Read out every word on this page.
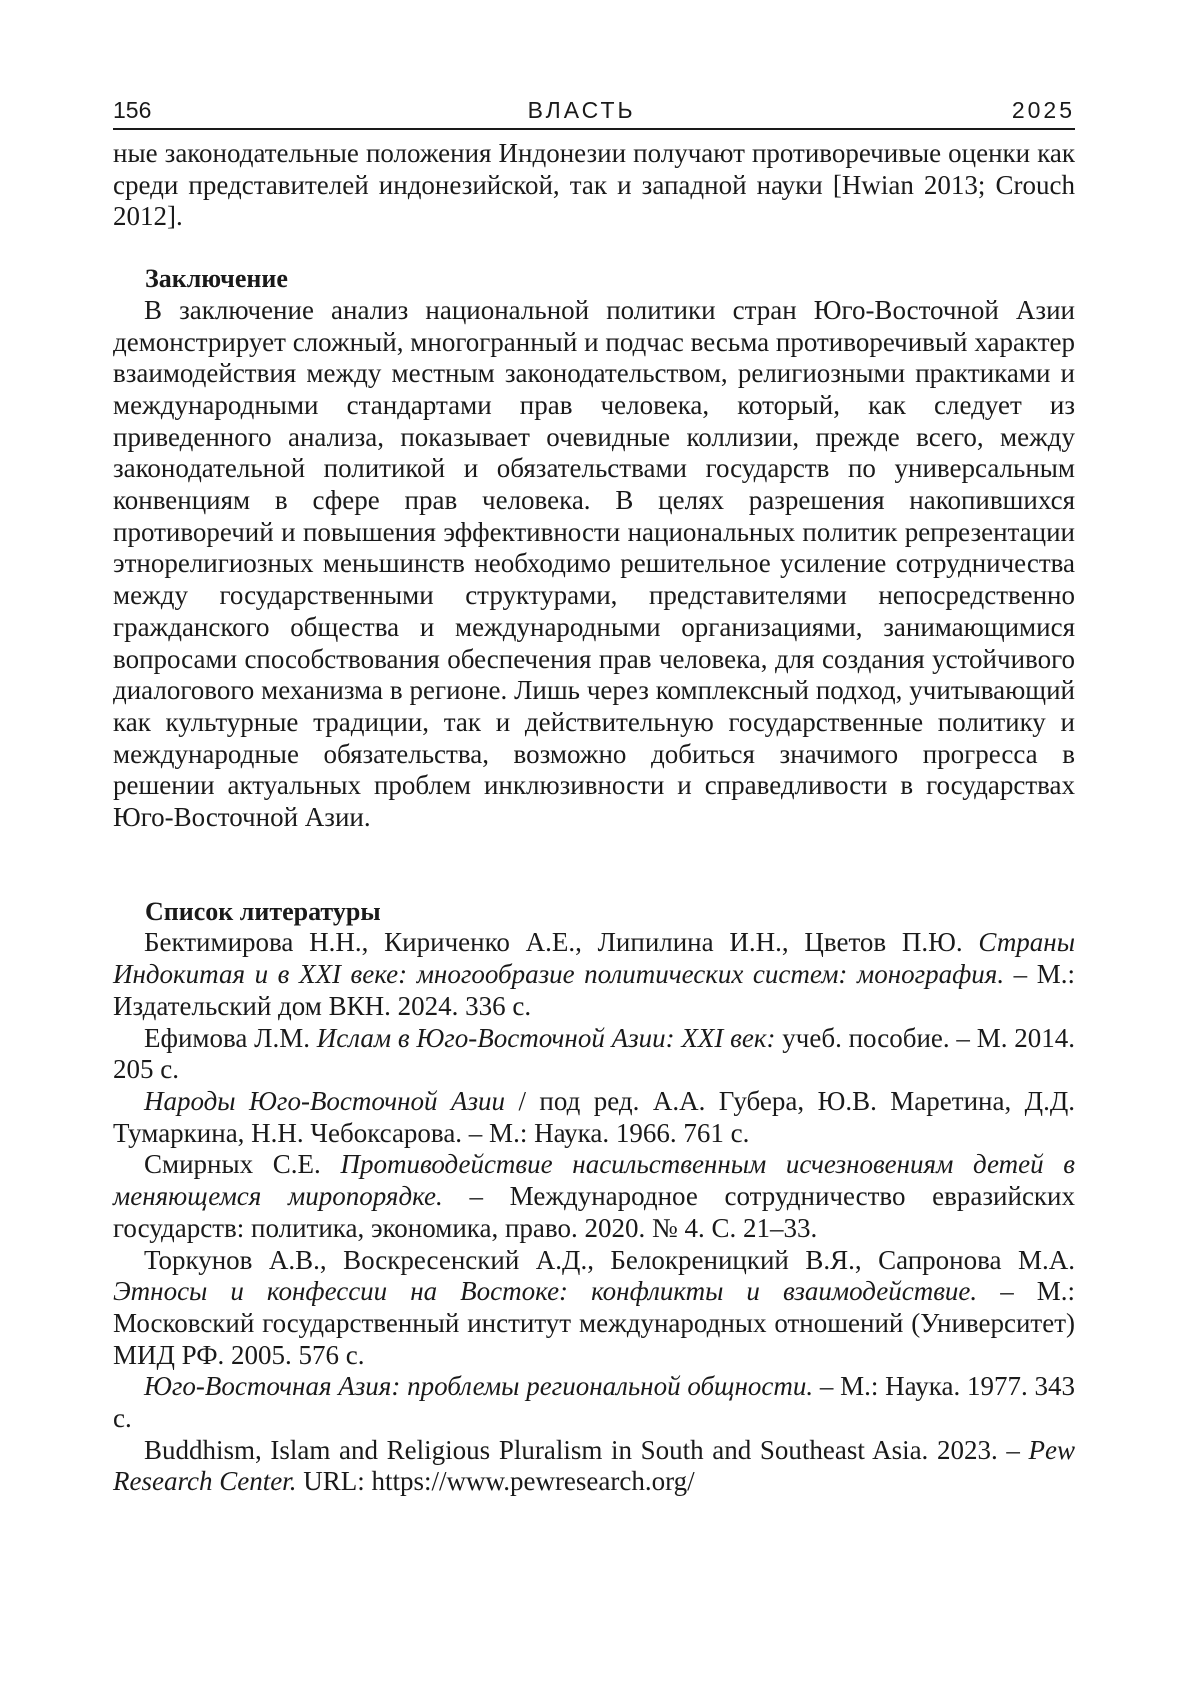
156	ВЛАСТЬ	2025

ные законодательные положения Индонезии получают противоречивые оценки как среди представителей индонезийской, так и западной науки [Hwian 2013; Crouch 2012].

Заключение

В заключение анализ национальной политики стран Юго-Восточной Азии демонстрирует сложный, многогранный и подчас весьма противоречивый характер взаимодействия между местным законодательством, религиозными практиками и международными стандартами прав человека, который, как следует из приведенного анализа, показывает очевидные коллизии, прежде всего, между законодательной политикой и обязательствами государств по универсальным конвенциям в сфере прав человека. В целях разрешения накопившихся противоречий и повышения эффективности национальных политик репрезентации этнорелигиозных меньшинств необходимо решительное усиление сотрудничества между государственными структурами, представителями непосредственно гражданского общества и международными организациями, занимающимися вопросами способствования обеспечения прав человека, для создания устойчивого диалогового механизма в регионе. Лишь через комплексный подход, учитывающий как культурные традиции, так и действительную государственные политику и международные обязательства, возможно добиться значимого прогресса в решении актуальных проблем инклюзивности и справедливости в государствах Юго-Восточной Азии.

Список литературы

Бектимирова Н.Н., Кириченко А.Е., Липилина И.Н., Цветов П.Ю. Страны Индокитая и в XXI веке: многообразие политических систем: монография. – М.: Издательский дом ВКН. 2024. 336 с.

Ефимова Л.М. Ислам в Юго-Восточной Азии: XXI век: учеб. пособие. – М. 2014. 205 с.

Народы Юго-Восточной Азии / под ред. А.А. Губера, Ю.В. Маретина, Д.Д. Тумаркина, Н.Н. Чебоксарова. – М.: Наука. 1966. 761 с.

Смирных С.Е. Противодействие насильственным исчезновениям детей в меняющемся миропорядке. – Международное сотрудничество евразийских государств: политика, экономика, право. 2020. № 4. С. 21–33.

Торкунов А.В., Воскресенский А.Д., Белокреницкий В.Я., Сапронова М.А. Этносы и конфессии на Востоке: конфликты и взаимодействие. – М.: Московский государственный институт международных отношений (Университет) МИД РФ. 2005. 576 с.

Юго-Восточная Азия: проблемы региональной общности. – М.: Наука. 1977. 343 с.

Buddhism, Islam and Religious Pluralism in South and Southeast Asia. 2023. – Pew Research Center. URL: https://www.pewresearch.org/
